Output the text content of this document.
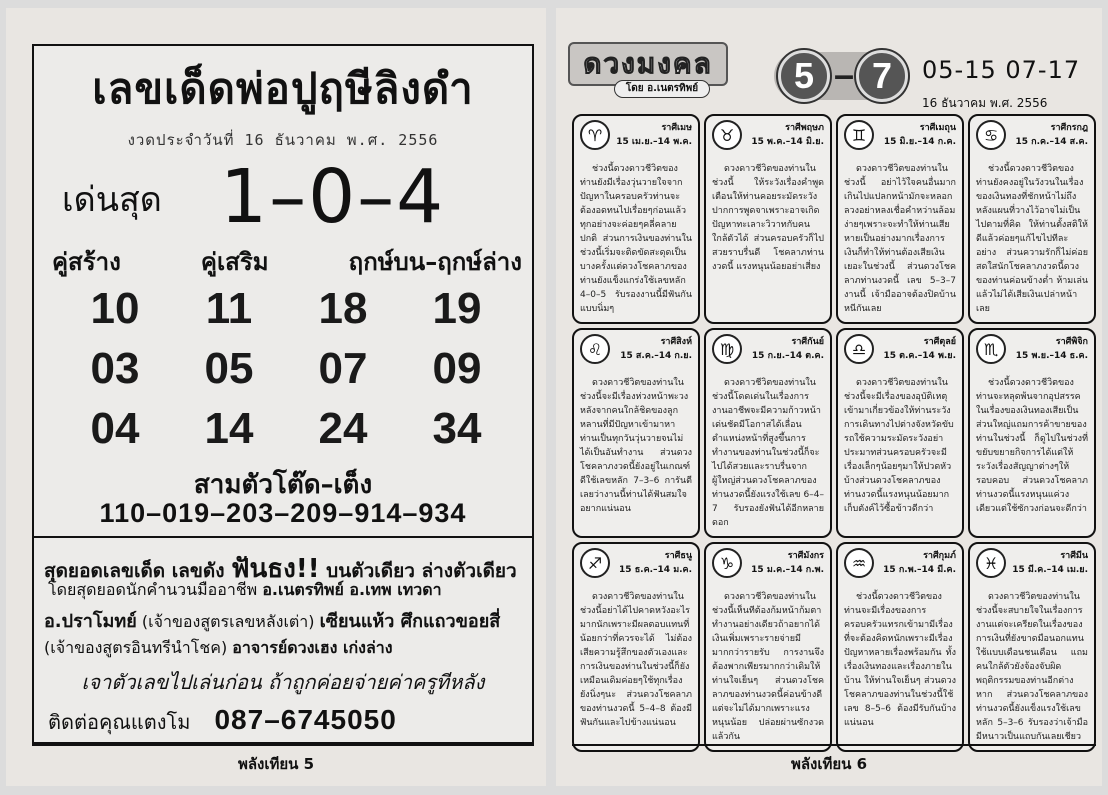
เลขเด็ดพ่อปูฤษีลิงดำ
งวดประจำวันที่ 16 ธันวาคม พ.ศ. 2556
เด่นสุด 1–0–4
คู่สร้าง	คู่เสริม	ฤกษ์บน–ฤกษ์ล่าง
10	11	18	19
03	05	07	09
04	14	24	34
สามตัวโต๊ด–เต็ง
110–019–203–209–914–934
สุดยอดเลขเด็ด เลขดัง ฟันธง!! บนตัวเดียว ล่างตัวเดียว
โดยสุดยอดนักคำนวนมืออาชีพ อ.เนตรทิพย์ อ.เทพ เทวดา
อ.ปราโมทย์ (เจ้าของสูตรเลขหลังเต่า) เซียนแห้ว ศึกแถวขอยสี่
(เจ้าของสูตรอินทรีนำโชค) อาจารย์ดวงเฮง เก่งล่าง
เจาตัวเลขไปเล่นก่อน ถ้าถูกค่อยจ่ายค่าครูทีหลัง
ติดต่อคุณแตงโม 087–6745050
พลังเทียน 5
ดวงมงคล
โดย อ.เนตรทิพย์	5 – 7	05-15 07-17
16 ธันวาคม พ.ศ. 2556
♈	ราศีเมษ
15 เม.ย.–14 พ.ค.
ช่วงนี้ดวงดาวชีวิตของท่านยังมีเรื่องวุ่นวายใจจากปัญหาในครอบครัวท่านจะต้องอดทนไปเรื่อยๆก่อนแล้วทุกอย่างจะค่อยๆคลี่คลายปกติ ส่วนการเงินของท่านในช่วงนี้เริ่มจะติดขัดสะดุดเป็นบางครั้งแต่ดวงโชคลาภของท่านยังแข็งแกร่งใช้เลขหลัก 4–0–5 รับรองงานนี้มีฟันกันแบบนิ่มๆ
♉	ราศีพฤษภ
15 พ.ค.–14 มิ.ย.
ดวงดาวชีวิตของท่านในช่วงนี้ ให้ระวังเรื่องคำพูดเตือนให้ท่านคอยระมัดระวังปากการพูดจาเพราะอาจเกิดปัญหาทะเลาะวิวาทกับคนใกล้ตัวได้ ส่วนครอบครัวก็ไปสวยราบรื่นดี โชคลาภท่านงวดนี้ แรงหนุนน้อยอย่าเสี่ยง
♊	ราศีเมถุน
15 มิ.ย.–14 ก.ค.
ดวงดาวชีวิตของท่านในช่วงนี้ อย่าไว้ใจคนอื่นมากเกินไปแปลกหน้ามักจะหลอกลวงอย่าหลงเชื่อคำหว่านล้อมง่ายๆเพราะจะทำให้ท่านเสียหายเป็นอย่างมากเรื่องการเงินก็ทำให้ท่านต้องเสียเงินเยอะในช่วงนี้ ส่วนดวงโชคลาภท่านงวดนี้ เลข 5–3–7 งานนี้ เจ้ามืออาจต้องปิดบ้านหนีกันเลย
♋	ราศีกรกฎ
15 ก.ค.–14 ส.ค.
ช่วงนี้ดวงดาวชีวิตของท่านยังคงอยู่ในวังวนในเรื่องของเงินทองที่ชักหน้าไม่ถึงหลังแผนที่วางไว้อาจไม่เป็นไปตามที่คิด ให้ท่านตั้งสติให้ดีแล้วค่อยๆแก้ไขไปทีละอย่าง ส่วนความรักก็ไม่ค่อยสดใสนักโชคลาภงวดนี้ดวงของท่านค่อนข้างต่ำ ห้ามเล่นแล้วไม่ได้เสียเงินเปล่าหน้าเลย
♌	ราศีสิงห์
15 ส.ค.–14 ก.ย.
ดวงดาวชีวิตของท่านในช่วงนี้จะมีเรื่องห่วงหน้าพะวงหลังจากคนใกล้ชิดของลูกหลานที่มีปัญหาเข้ามาหาท่านเป็นทุกวันวุ่นวายจนไม่ได้เป็นอันทำงาน ส่วนดวงโชคลาภงวดนี้ยังอยู่ในเกณฑ์ดีใช้เลขหลัก 7–3–6 การันตีเลยว่างานนี้ท่านได้ฟันสมใจอยากแน่นอน
♍	ราศีกันย์
15 ก.ย.–14 ต.ค.
ดวงดาวชีวิตของท่านในช่วงนี้โดดเด่นในเรื่องการงานอาชีพจะมีความก้าวหน้าเด่นชัดมีโอกาสได้เลื่อนตำแหน่งหน้าที่สูงขึ้นการทำงานของท่านในช่วงนี้ก็จะไปได้สวยและราบรื่นจากผู้ใหญ่ส่วนดวงโชคลาภของท่านงวดนี้ยังแรงใช้เลข 6–4–7 รับรองยังฟันได้อีกหลายดอก
♎	ราศีตุลย์
15 ต.ค.–14 พ.ย.
ดวงดาวชีวิตของท่านในช่วงนี้จะมีเรื่องของอุบัติเหตุเข้ามาเกี่ยวข้องให้ท่านระวังการเดินทางไปต่างจังหวัดขับรถใช้ความระมัดระวังอย่าประมาทส่วนครอบครัวจะมีเรื่องเล็กๆน้อยๆมาให้ปวดหัวบ้างส่วนดวงโชคลาภของท่านงวดนี้แรงหนุนน้อยมาก เก็บตังค์ไว้ซื้อข้าวดีกว่า
♏	ราศีพิจิก
15 พ.ย.–14 ธ.ค.
ช่วงนี้ดวงดาวชีวิตของท่านจะหลุดพ้นจากอุปสรรคในเรื่องของเงินทองเสียเป็นส่วนใหญ่แถมการค้าขายของท่านในช่วงนี้ ก็ดูไปในช่วงที่ขยับขยายกิจการได้แต่ให้ระวังเรื่องสัญญาต่างๆให้รอบคอบ ส่วนดวงโชคลาภท่านงวดนี้แรงหนุนแค่วงเดียวแต่ใช้ซักวงก่อนจะดีกว่า
♐	ราศีธนู
15 ธ.ค.–14 ม.ค.
ดวงดาวชีวิตของท่านในช่วงนี้อย่าได้ไปคาดหวังอะไรมากนักเพราะมีผลตอบแทนที่น้อยกว่าที่ควรจะได้ ไม่ต้องเสียความรู้สึกของตัวเองและการเงินของท่านในช่วงนี้ก็ยังเหมือนเดิมค่อยๆใช้ทุกเรื่องยังนิ่งๆนะ ส่วนดวงโชคลาภของท่านงวดนี้ 5–4–8 ต้องมีฟันกันและไปข้างแน่นอน
♑	ราศีมังกร
15 ม.ค.–14 ก.พ.
ดวงดาวชีวิตของท่านในช่วงนี้เห็นทีต้องก้มหน้าก้มตาทำงานอย่างเดียวถ้าอยากได้เงินเพิ่มเพราะรายจ่ายมีมากกว่ารายรับ การงานจึงต้องพากเพียรมากกว่าเดิมให้ท่านใจเย็นๆ ส่วนดวงโชคลาภของท่านงวดนี้ค่อนข้างดีแต่จะไม่ได้มากเพราะแรงหนุนน้อย ปล่อยผ่านซักงวดแล้วกัน
♒	ราศีกุมภ์
15 ก.พ.–14 มี.ค.
ช่วงนี้ดวงดาวชีวิตของท่านจะมีเรื่องของการครอบครัวแทรกเข้ามามีเรื่องที่จะต้องคิดหนักเพราะมีเรื่องปัญหาหลายเรื่องพร้อมกัน ทั้งเรื่องเงินทองและเรื่องภายในบ้าน ให้ท่านใจเย็นๆ ส่วนดวงโชคลาภของท่านในช่วงนี้ใช้เลข 8–5–6 ต้องมีรับกันบ้างแน่นอน
♓	ราศีมีน
15 มี.ค.–14 เม.ย.
ดวงดาวชีวิตของท่านในช่วงนี้จะสบายใจในเรื่องการงานแต่จะเครียดในเรื่องของการเงินที่ยังขาดมือนอกแทนใช้แบบเดือนชนเดือน แถมคนใกล้ตัวยังจ้องจับผิดพฤติกรรมของท่านอีกต่างหาก ส่วนดวงโชคลาภของท่านงวดนี้ยังแข็งแรงใช้เลขหลัก 5–3–6 รับรองว่าเจ้ามือมีหนาวเป็นแถบกันเลยเชียว
พลังเทียน 6
